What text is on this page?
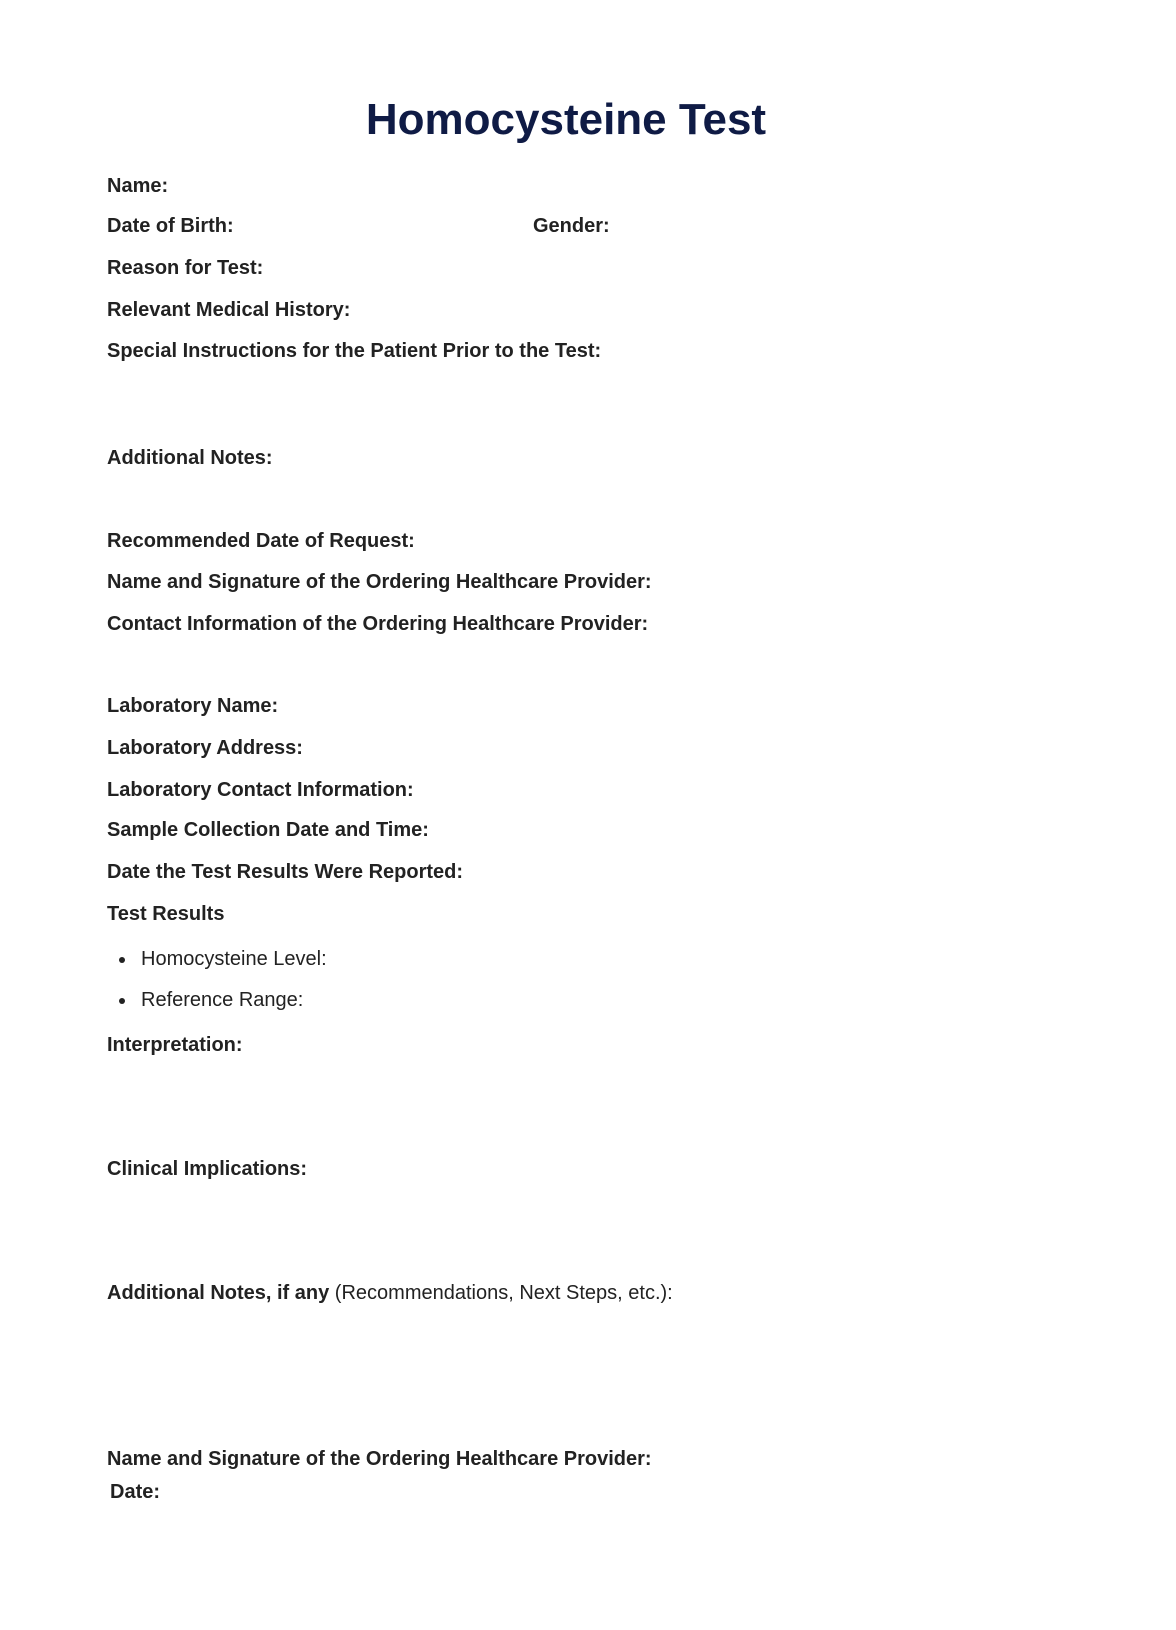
Homocysteine Test
Name:
Date of Birth:	Gender:
Reason for Test:
Relevant Medical History:
Special Instructions for the Patient Prior to the Test:
Additional Notes:
Recommended Date of Request:
Name and Signature of the Ordering Healthcare Provider:
Contact Information of the Ordering Healthcare Provider:
Laboratory Name:
Laboratory Address:
Laboratory Contact Information:
Sample Collection Date and Time:
Date the Test Results Were Reported:
Test Results
Homocysteine Level:
Reference Range:
Interpretation:
Clinical Implications:
Additional Notes, if any (Recommendations, Next Steps, etc.):
Name and Signature of the Ordering Healthcare Provider:
Date:
